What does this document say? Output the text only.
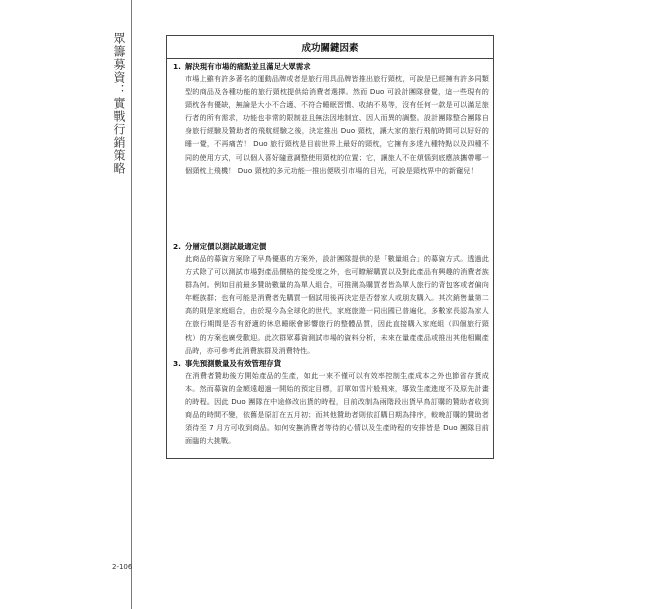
眾籌募資：實戰行銷策略
2-106
成功關鍵因素
1. 解決現有市場的痛點並且滿足大眾需求
市場上雖有許多著名的運動品牌或者是旅行用具品牌皆推出旅行頸枕，可說是已經擁有許多同類型的商品及各種功能的旅行頸枕提供給消費者選擇。然而 Duo 可設計團隊發覺，這一些現有的頸枕各有優缺，無論是大小不合適、不符合睡眠習慣、收納不易等，沒有任何一款是可以滿足旅行者的所有需求，功能也非常的限制並且無法因地制宜、因人而異的調整。設計團隊整合團隊自身旅行經驗及贊助者的飛航經驗之後，決定推出 Duo 頸枕，讓大家的旅行飛航時間可以好好的睡一覺，不再痛苦！ Duo 旅行頸枕是目前世界上最好的頸枕，它擁有多達九種特點以及四種不同的使用方式，可以個人喜好隨意調整使用頸枕的位置；它，讓旅人不在煩惱到底應該攜帶哪一個頸枕上飛機！ Duo 頸枕的多元功能一推出便吸引市場的目光，可說是頸枕界中的新寵兒！
2. 分層定價以測試最適定價
此商品的募資方案除了早鳥優惠的方案外，設計團隊提供的是「數量組合」的募資方式。透過此方式除了可以測試市場對產品價格的接受度之外，也可瞭解購買以及對此產品有興趣的消費者族群為何。例如目前最多贊助數量的為單人組合，可推測為購買者皆為單人旅行的背包客或者偏向年輕族群；也有可能是消費者先購買一個試用後再決定是否替家人或朋友購入。其次銷售量第二高的則是家庭組合，由於現今為全球化的世代，家庭旅遊一同出國已普遍化，多數家長認為家人在旅行期間是否有舒適的休息睡眠會影響旅行的整體品質，因此直接購入家庭組（四個旅行頸枕）的方案也廣受歡迎。此次群眾募資測試市場的資料分析，未來在量產產品或推出其他相關產品時，亦可參考此消費族群及消費特性。
3. 事先預測數量及有效管理存貨
在消費者贊助後方開始產品的生產，如此一來不僅可以有效率控制生產成本之外也節省存貨成本。然而募資的金額遠超過一開始的預定目標，訂單如雪片般飛來，導致生產進度不及原先計畫的時程。因此 Duo 團隊在中途修改出貨的時程，目前改制為兩階段出貨早鳥訂購的贊助者收到商品的時間不變，依舊是原訂在五月初；而其他贊助者則依訂購日期為排序，較晚訂購的贊助者須待至 7 月方可收到商品。如何安撫消費者等待的心情以及生產時程的安排皆是 Duo 團隊目前面臨的大挑戰。
